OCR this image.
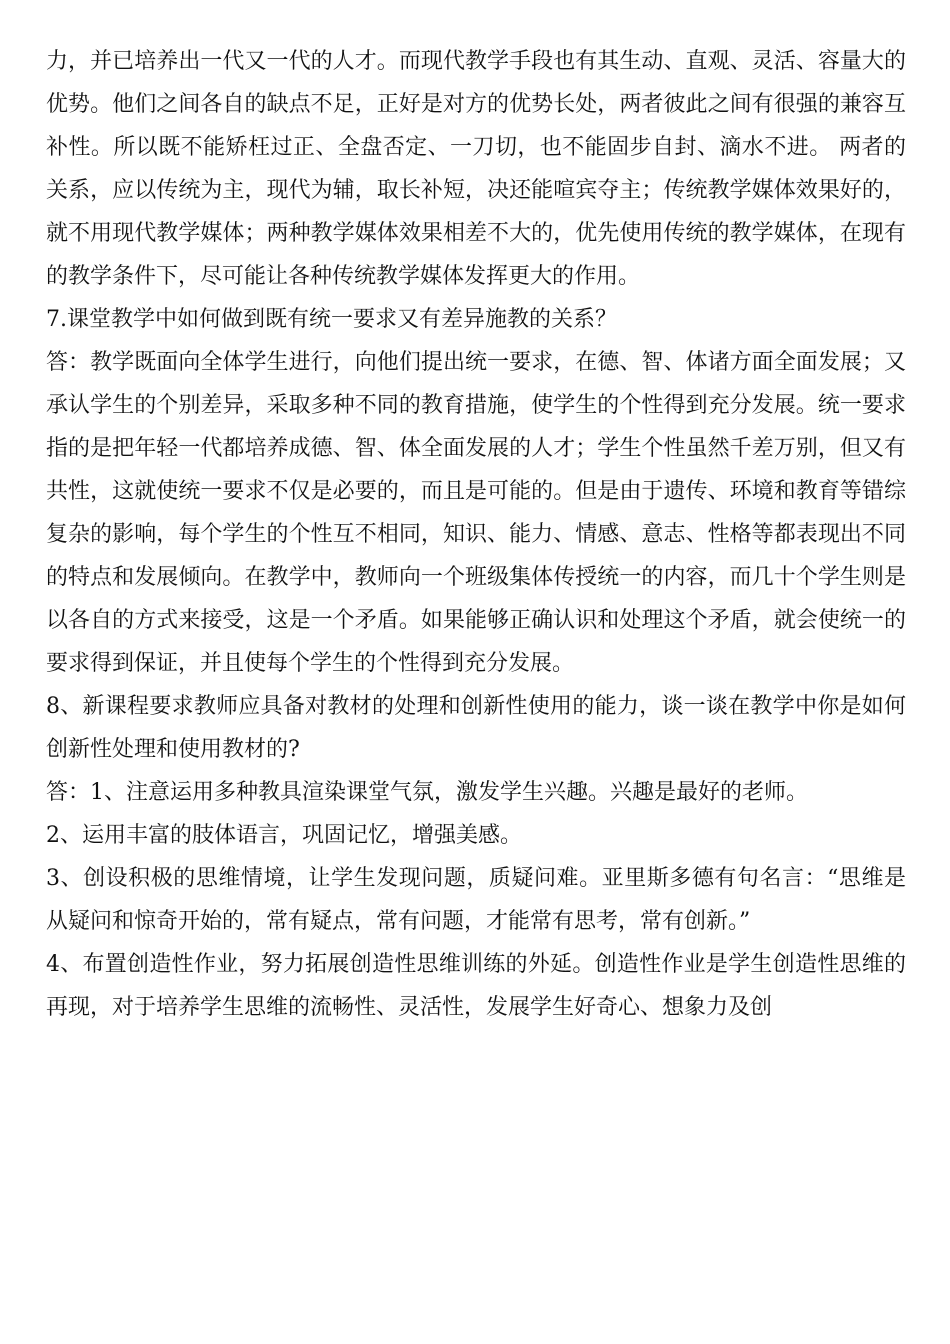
力，并已培养出一代又一代的人才。而现代教学手段也有其生动、直观、灵活、容量大的优势。他们之间各自的缺点不足，正好是对方的优势长处，两者彼此之间有很强的兼容互补性。所以既不能矫枉过正、全盘否定、一刀切，也不能固步自封、滴水不进。 两者的关系，应以传统为主，现代为辅，取长补短，决还能喧宾夺主；传统教学媒体效果好的，就不用现代教学媒体；两种教学媒体效果相差不大的，优先使用传统的教学媒体，在现有的教学条件下，尽可能让各种传统教学媒体发挥更大的作用。

7.课堂教学中如何做到既有统一要求又有差异施教的关系？

答：教学既面向全体学生进行，向他们提出统一要求，在德、智、体诸方面全面发展；又承认学生的个别差异，采取多种不同的教育措施，使学生的个性得到充分发展。统一要求指的是把年轻一代都培养成德、智、体全面发展的人才；学生个性虽然千差万别，但又有共性，这就使统一要求不仅是必要的，而且是可能的。但是由于遗传、环境和教育等错综复杂的影响，每个学生的个性互不相同，知识、能力、情感、意志、性格等都表现出不同的特点和发展倾向。在教学中，教师向一个班级集体传授统一的内容，而几十个学生则是以各自的方式来接受，这是一个矛盾。如果能够正确认识和处理这个矛盾，就会使统一的要求得到保证，并且使每个学生的个性得到充分发展。

8、新课程要求教师应具备对教材的处理和创新性使用的能力，谈一谈在教学中你是如何创新性处理和使用教材的?

答：1、注意运用多种教具渲染课堂气氛，激发学生兴趣。兴趣是最好的老师。

2、运用丰富的肢体语言，巩固记忆，增强美感。

3、创设积极的思维情境，让学生发现问题，质疑问难。亚里斯多德有句名言：“思维是从疑问和惊奇开始的，常有疑点，常有问题，才能常有思考，常有创新。”

4、布置创造性作业，努力拓展创造性思维训练的外延。创造性作业是学生创造性思维的再现，对于培养学生思维的流畅性、灵活性，发展学生好奇心、想象力及创
